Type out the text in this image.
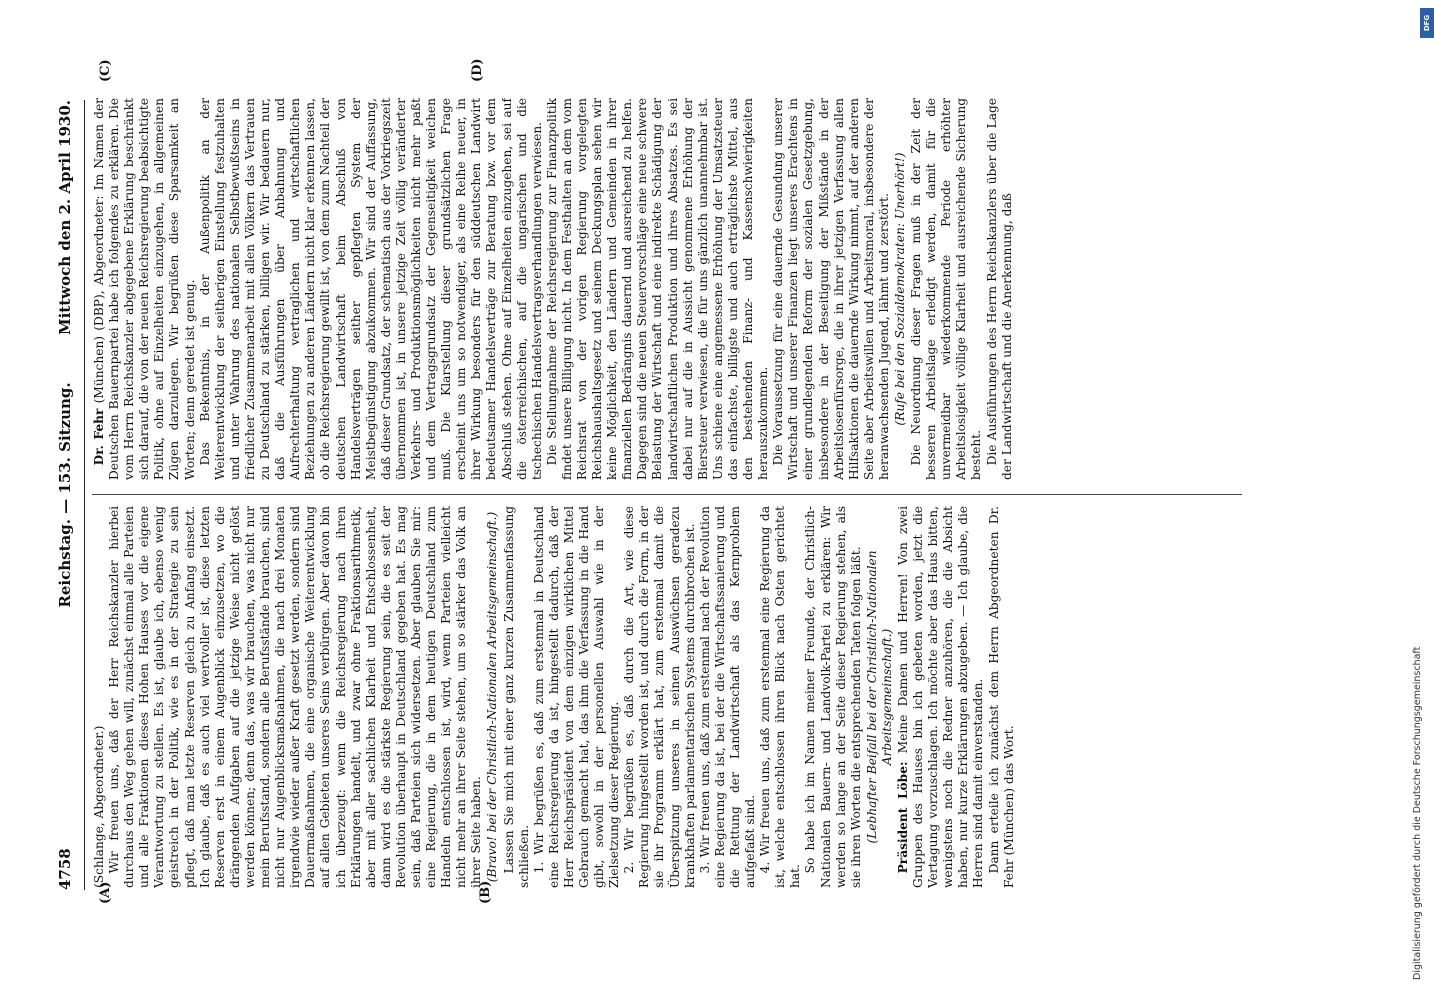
4758
Reichstag. — 153. Sitzung.
Mittwoch den 2. April 1930.
(A)	(B)
(C)	(D)

(Schlange, Abgeordneter.) Wir freuen uns, daß der Herr Reichskanzler hierbei durchaus den Weg gehen will, zunächst einmal alle Parteien und alle Fraktionen dieses Hohen Hauses vor die eigene Verantwortung zu stellen. Es ist, glaube ich, ebenso wenig geistreich in der Politik, wie es in der Strategie zu sein pflegt, daß man letzte Reserven gleich zu Anfang einsetzt. Ich glaube, daß es auch viel wertvoller ist, diese letzten Reserven erst in einem Augenblick einzusetzen, wo die drängenden Aufgaben auf die jetzige Weise nicht gelöst werden können; denn das, was wir brauchen, was nicht nur mein Berufsstand, sondern alle Berufsstände brauchen, sind nicht nur Augenblicksmaßnahmen, die nach drei Monaten irgendwie wieder außer Kraft gesetzt werden, sondern sind Dauermaßnahmen, die eine organische Weiterentwicklung auf allen Gebieten unseres Seins verbürgen. Aber davon bin ich überzeugt: wenn die Reichsregierung nach ihren Erklärungen handelt, und zwar ohne Fraktionsarithmetik, aber mit aller sachlichen Klarheit und Entschlossenheit, dann wird es die stärkste Regierung sein, die es seit der Revolution überhaupt in Deutschland gegeben hat. Es mag sein, daß Parteien sich widersetzen. Aber glauben Sie mir: eine Regierung, die in dem heutigen Deutschland zum Handeln entschlossen ist, wird, wenn Parteien vielleicht nicht mehr an ihrer Seite stehen, um so stärker das Volk an ihrer Seite haben. (Bravo! bei der Christlich-Nationalen Arbeitsgemeinschaft.) Lassen Sie mich mit einer ganz kurzen Zusammenfassung schließen. 1. Wir begrüßen es, daß zum erstenmal in Deutschland eine Reichsregierung da ist, hingestellt dadurch, daß der Herr Reichspräsident von dem einzigen wirklichen Mittel Gebrauch gemacht hat, das ihm die Verfassung in die Hand gibt, sowohl in der personellen Auswahl wie in der Zielsetzung dieser Regierung. 2. Wir begrüßen es, daß durch die Art, wie diese Regierung hingestellt worden ist, und durch die Form, in der sie ihr Programm erklärt hat, zum erstenmal damit die Überspitzung unseres in seinen Auswüchsen geradezu krankhaften parlamentarischen Systems durchbrochen ist. 3. Wir freuen uns, daß zum erstenmal nach der Revolution eine Regierung da ist, bei der die Wirtschaftssanierung und die Rettung der Landwirtschaft als das Kernproblem aufgefaßt sind. 4. Wir freuen uns, daß zum erstenmal eine Regierung da ist, welche entschlossen ihren Blick nach Osten gerichtet hat.

So habe ich im Namen meiner Freunde, der Christlich-Nationalen Bauern- und Landvolk-Partei zu erklären: Wir werden so lange an der Seite dieser Regierung stehen, als sie ihren Worten die entsprechenden Taten folgen läßt. (Lebhafter Beifall bei der Christlich-Nationalen Arbeitsgemeinschaft.)

Präsident Löbe: Meine Damen und Herren! Von zwei Gruppen des Hauses bin ich gebeten worden, jetzt die Vertagung vorzuschlagen. Ich möchte aber das Haus bitten, wenigstens noch die Redner anzuhören, die die Absicht haben, nur kurze Erklärungen abzugeben. — Ich glaube, die Herren sind damit einverstanden. Dann erteile ich zunächst dem Herrn Abgeordneten Dr. Fehr (München) das Wort.

Dr. Fehr (München) (DBP), Abgeordneter: Im Namen der Deutschen Bauernpartei habe ich folgendes zu erklären. Die vom Herrn Reichskanzler abgegebene Erklärung beschränkt sich darauf, die von der neuen Reichsregierung beabsichtigte Politik, ohne auf Einzelheiten einzugehen, in allgemeinen Zügen darzulegen. Wir begrüßen diese Sparsamkeit an Worten; denn geredet ist genug. Das Bekenntnis, in der Außenpolitik an der Weiterentwicklung der seitherigen Einstellung festzuhalten und unter Wahrung des nationalen Selbstbewußtseins in friedlicher Zusammenarbeit mit allen Völkern das Vertrauen zu Deutschland zu stärken, billigen wir. Wir bedauern nur, daß die Ausführungen über Anbahnung und Aufrechterhaltung vertraglichen und wirtschaftlichen Beziehungen zu anderen Ländern nicht klar erkennen lassen, ob die Reichsregierung gewillt ist, von dem zum Nachteil der deutschen Landwirtschaft beim Abschluß von Handelsverträgen seither gepflegten System der Meistbegünstigung abzukommen. Wir sind der Auffassung, daß dieser Grundsatz, der schematisch aus der Vorkriegszeit übernommen ist, in unsere jetzige Zeit völlig veränderter Verkehrs- und Produktionsmöglichkeiten nicht mehr paßt und dem Vertragsgrundsatz der Gegenseitigkeit weichen muß. Die Klarstellung dieser grundsätzlichen Frage erscheint uns um so notwendiger, als eine Reihe neuer, in ihrer Wirkung besonders für den süddeutschen Landwirt bedeutsamer Handelsverträge zur Beratung bzw. vor dem Abschluß stehen. Ohne auf Einzelheiten einzugehen, sei auf die österreichischen, auf die ungarischen und die tschechischen Handelsvertragsverhandlungen verwiesen. Die Stellungnahme der Reichsregierung zur Finanzpolitik findet unsere Billigung nicht. In dem Festhalten an dem vom Reichsrat von der vorigen Regierung vorgelegten Reichshaushaltsgesetz und seinem Deckungsplan sehen wir keine Möglichkeit, den Ländern und Gemeinden in ihrer finanziellen Bedrängnis dauernd und ausreichend zu helfen. Dagegen sind die neuen Steuervorschläge eine neue schwere Belastung der Wirtschaft und eine indirekte Schädigung der landwirtschaftlichen Produktion und ihres Absatzes. Es sei dabei nur auf die in Aussicht genommene Erhöhung der Biersteuer verwiesen, die für uns gänzlich unannehmbar ist. Uns schiene eine angemessene Erhöhung der Umsatzsteuer das einfachste, billigste und auch erträglichste Mittel, aus den bestehenden Finanz- und Kassenschwierigkeiten herauszukommen. Die Voraussetzung für eine dauernde Gesundung unserer Wirtschaft und unserer Finanzen liegt unseres Erachtens in einer grundlegenden Reform der sozialen Gesetzgebung, insbesondere in der Beseitigung der Mißstände in der Arbeitslosenfürsorge, die in ihrer jetzigen Verfassung allen Hilfsaktionen die dauernde Wirkung nimmt, auf der anderen Seite aber Arbeitswillen und Arbeitsmoral, insbesondere der heranwachsenden Jugend, lähmt und zerstört. (Rufe bei den Sozialdemokraten: Unerhört!) Die Neuordnung dieser Fragen muß in der Zeit der besseren Arbeitslage erledigt werden, damit für die unvermeidbar wiederkommende Periode erhöhter Arbeitslosigkeit völlige Klarheit und ausreichende Sicherung besteht. Die Ausführungen des Herrn Reichskanzlers über die Lage der Landwirtschaft und die Anerkennung, daß

DFG
Digitalisierung gefördert durch die Deutsche Forschungsgemeinschaft
